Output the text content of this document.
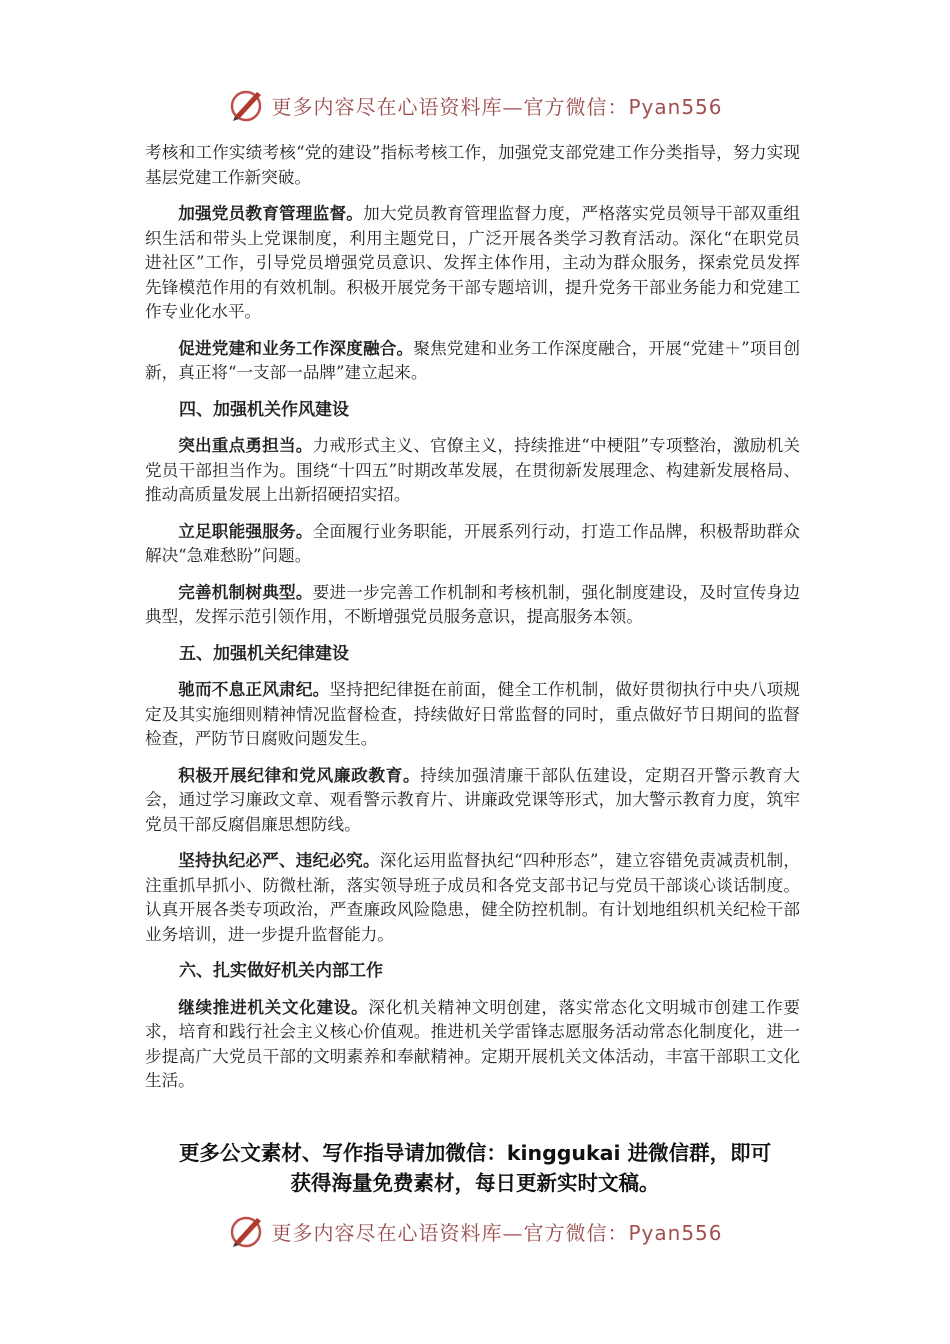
更多内容尽在心语资料库—官方微信：Pyan556

考核和工作实绩考核“党的建设”指标考核工作，加强党支部党建工作分类指导，努力实现基层党建工作新突破。

加强党员教育管理监督。加大党员教育管理监督力度，严格落实党员领导干部双重组织生活和带头上党课制度，利用主题党日，广泛开展各类学习教育活动。深化“在职党员进社区”工作，引导党员增强党员意识、发挥主体作用，主动为群众服务，探索党员发挥先锋模范作用的有效机制。积极开展党务干部专题培训，提升党务干部业务能力和党建工作专业化水平。

促进党建和业务工作深度融合。聚焦党建和业务工作深度融合，开展“党建＋”项目创新，真正将“一支部一品牌”建立起来。

四、加强机关作风建设

突出重点勇担当。力戒形式主义、官僚主义，持续推进“中梗阻”专项整治，激励机关党员干部担当作为。围绕“十四五”时期改革发展，在贯彻新发展理念、构建新发展格局、推动高质量发展上出新招硬招实招。

立足职能强服务。全面履行业务职能，开展系列行动，打造工作品牌，积极帮助群众解决“急难愁盼”问题。

完善机制树典型。要进一步完善工作机制和考核机制，强化制度建设，及时宣传身边典型，发挥示范引领作用，不断增强党员服务意识，提高服务本领。

五、加强机关纪律建设

驰而不息正风肃纪。坚持把纪律挺在前面，健全工作机制，做好贯彻执行中央八项规定及其实施细则精神情况监督检查，持续做好日常监督的同时，重点做好节日期间的监督检查，严防节日腐败问题发生。

积极开展纪律和党风廉政教育。持续加强清廉干部队伍建设，定期召开警示教育大会，通过学习廉政文章、观看警示教育片、讲廉政党课等形式，加大警示教育力度，筑牢党员干部反腐倡廉思想防线。

坚持执纪必严、违纪必究。深化运用监督执纪“四种形态”，建立容错免责减责机制，注重抓早抓小、防微杜渐，落实领导班子成员和各党支部书记与党员干部谈心谈话制度。认真开展各类专项政治，严查廉政风险隐患，健全防控机制。有计划地组织机关纪检干部业务培训，进一步提升监督能力。

六、扎实做好机关内部工作

继续推进机关文化建设。深化机关精神文明创建，落实常态化文明城市创建工作要求，培育和践行社会主义核心价值观。推进机关学雷锋志愿服务活动常态化制度化，进一步提高广大党员干部的文明素养和奉献精神。定期开展机关文体活动，丰富干部职工文化生活。

更多公文素材、写作指导请加微信：kinggukai 进微信群，即可
获得海量免费素材，每日更新实时文稿。
更多内容尽在心语资料库—官方微信：Pyan556
